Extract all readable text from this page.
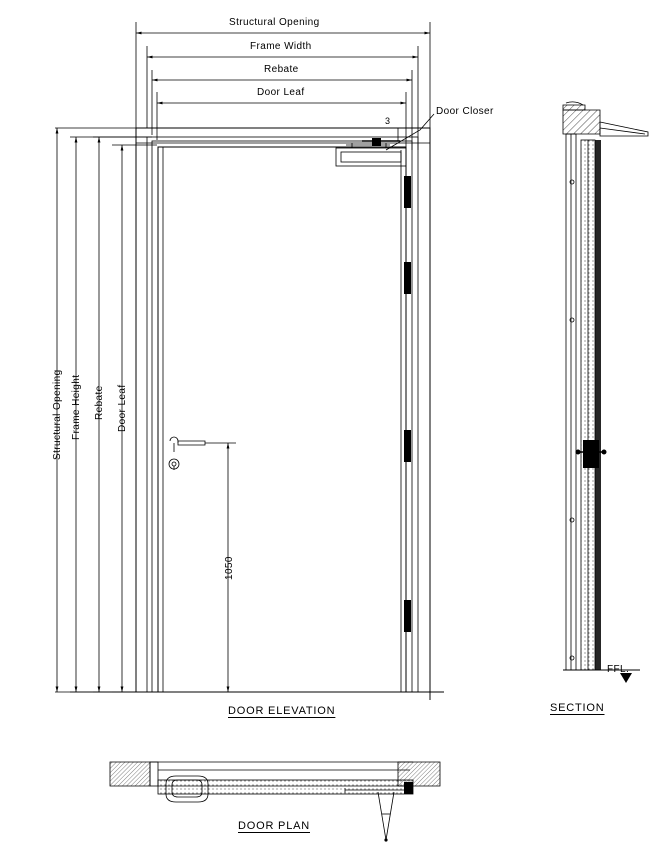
Structural Opening
Frame Width
Rebate
Door Leaf
Structural Opening Frame Height Rebate Door Leaf
Door Closer
3
1050
FFL.
DOOR ELEVATION	SECTION
DOOR PLAN
